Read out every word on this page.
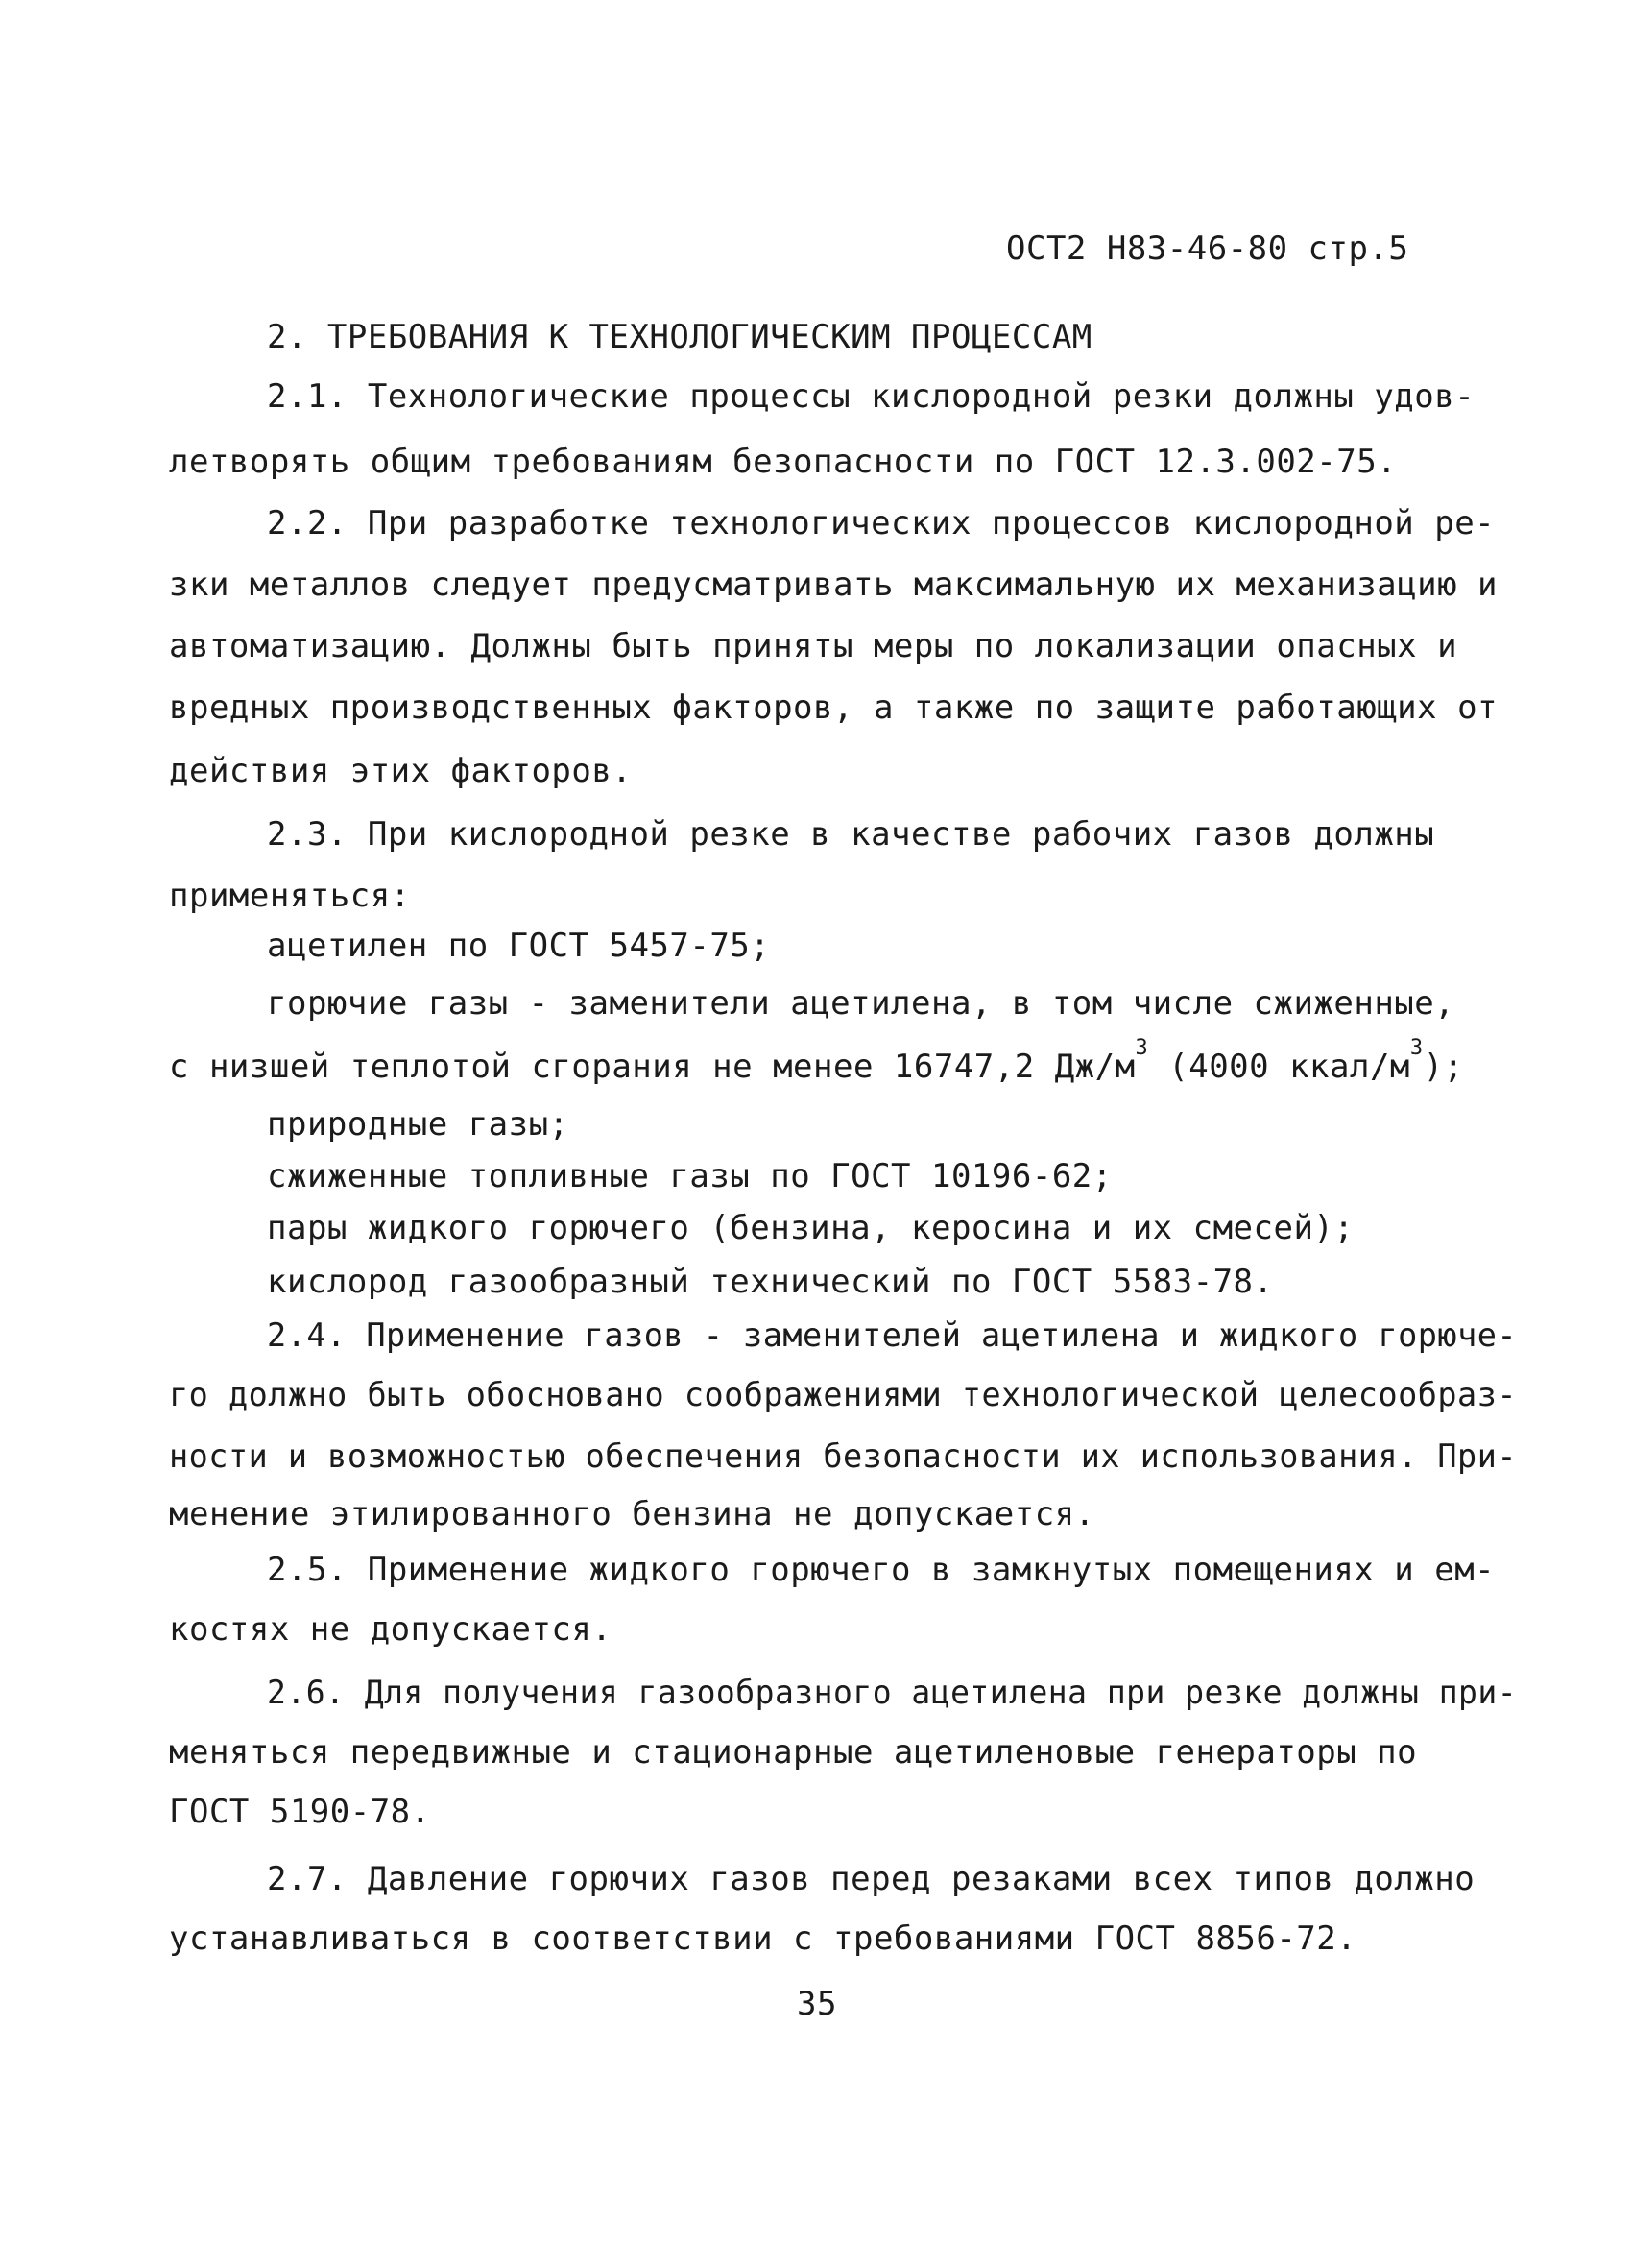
ОСТ2 Н83-46-80 стр.5
2. ТРЕБОВАНИЯ К ТЕХНОЛОГИЧЕСКИМ ПРОЦЕССАМ
2.1. Технологические процессы кислородной резки должны удов-
летворять общим требованиям безопасности по ГОСТ 12.3.002-75.
2.2. При разработке технологических процессов кислородной ре-
зки металлов следует предусматривать максимальную их механизацию и
автоматизацию. Должны быть приняты меры по локализации опасных и
вредных производственных факторов, а также по защите работающих от
действия этих факторов.
2.3. При кислородной резке в качестве рабочих газов должны
применяться:
ацетилен по ГОСТ 5457-75;
горючие газы - заменители ацетилена, в том числе сжиженные,
с низшей теплотой сгорания не менее 16747,2 $Дж/м^3$ (4000 ккал/$м^3$);
природные газы;
сжиженные топливные газы по ГОСТ 10196-62;
пары жидкого горючего (бензина, керосина и их смесей);
кислород газообразный технический по ГОСТ 5583-78.
2.4. Применение газов - заменителей ацетилена и жидкого горюче-
го должно быть обосновано соображениями технологической целесообраз-
ности и возможностью обеспечения безопасности их использования. При-
менение этилированного бензина не допускается.
2.5. Применение жидкого горючего в замкнутых помещениях и ем-
костях не допускается.
2.6. Для получения газообразного ацетилена при резке должны при-
меняться передвижные и стационарные ацетиленовые генераторы по
ГОСТ 5190-78.
2.7. Давление горючих газов перед резаками всех типов должно
устанавливаться в соответствии с требованиями ГОСТ 8856-72.
35
